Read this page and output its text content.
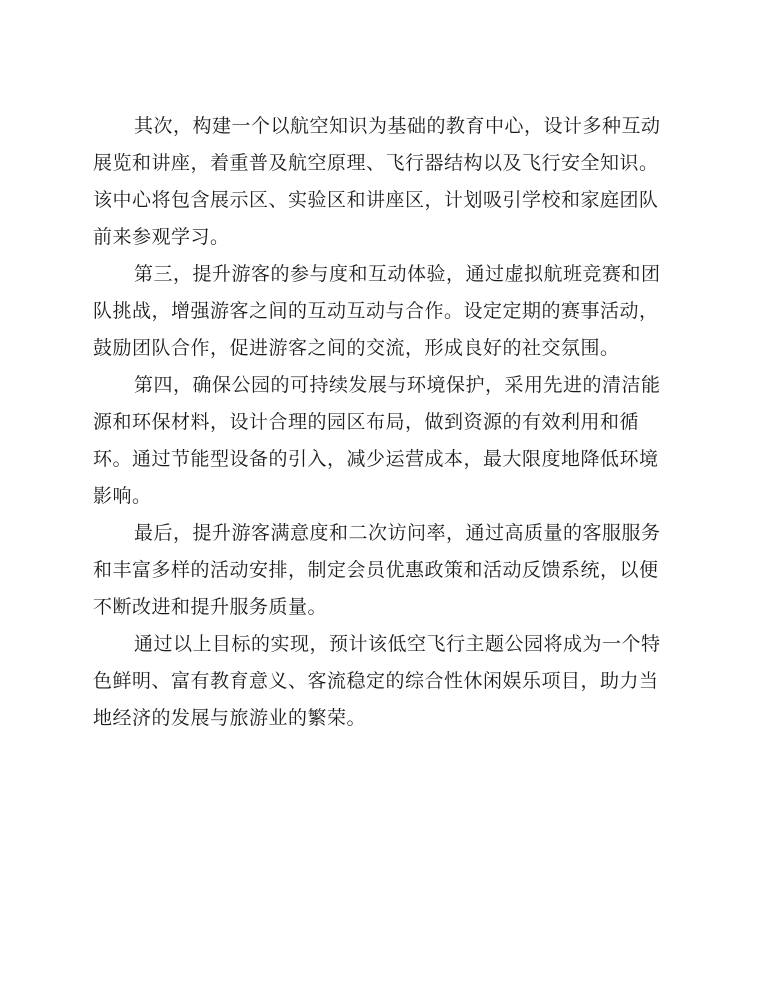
其次，构建一个以航空知识为基础的教育中心，设计多种互动
展览和讲座，着重普及航空原理、飞行器结构以及飞行安全知识。
该中心将包含展示区、实验区和讲座区，计划吸引学校和家庭团队
前来参观学习。
第三，提升游客的参与度和互动体验，通过虚拟航班竞赛和团
队挑战，增强游客之间的互动互动与合作。设定定期的赛事活动，
鼓励团队合作，促进游客之间的交流，形成良好的社交氛围。
第四，确保公园的可持续发展与环境保护，采用先进的清洁能
源和环保材料，设计合理的园区布局，做到资源的有效利用和循
环。通过节能型设备的引入，减少运营成本，最大限度地降低环境
影响。
最后，提升游客满意度和二次访问率，通过高质量的客服服务
和丰富多样的活动安排，制定会员优惠政策和活动反馈系统，以便
不断改进和提升服务质量。
通过以上目标的实现，预计该低空飞行主题公园将成为一个特
色鲜明、富有教育意义、客流稳定的综合性休闲娱乐项目，助力当
地经济的发展与旅游业的繁荣。
